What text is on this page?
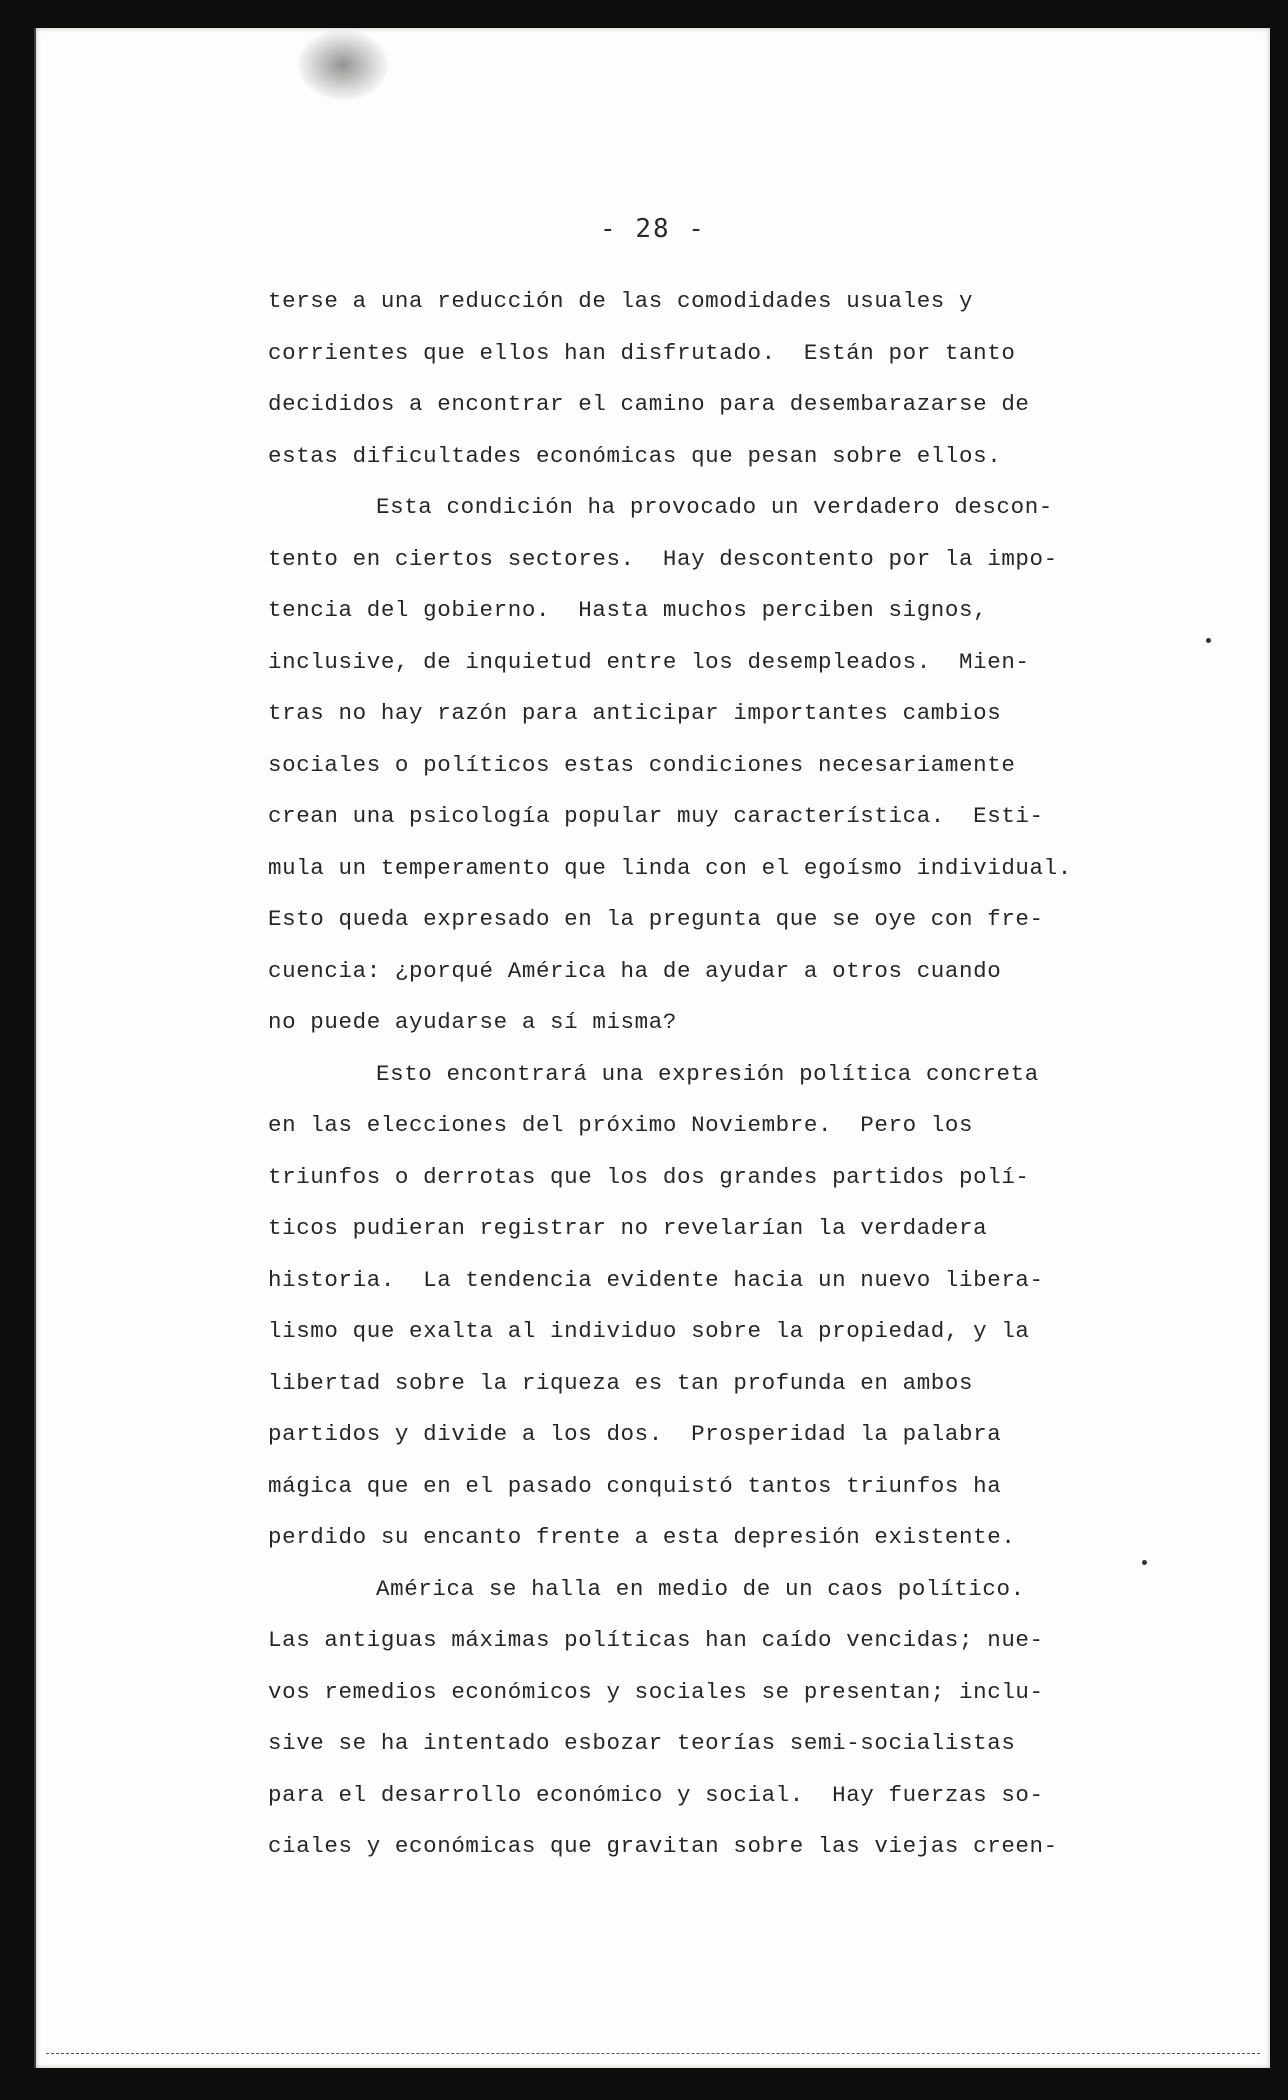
- 28 -
terse a una reducción de las comodidades usuales y
corrientes que ellos han disfrutado.  Están por tanto
decididos a encontrar el camino para desembarazarse de
estas dificultades económicas que pesan sobre ellos.
Esta condición ha provocado un verdadero descon-
tento en ciertos sectores.  Hay descontento por la impo-
tencia del gobierno.  Hasta muchos perciben signos,
inclusive, de inquietud entre los desempleados.  Mien-
tras no hay razón para anticipar importantes cambios
sociales o políticos estas condiciones necesariamente
crean una psicología popular muy característica.  Esti-
mula un temperamento que linda con el egoísmo individual.
Esto queda expresado en la pregunta que se oye con fre-
cuencia: ¿porqué América ha de ayudar a otros cuando
no puede ayudarse a sí misma?
Esto encontrará una expresión política concreta
en las elecciones del próximo Noviembre.  Pero los
triunfos o derrotas que los dos grandes partidos polí-
ticos pudieran registrar no revelarían la verdadera
historia.  La tendencia evidente hacia un nuevo libera-
lismo que exalta al individuo sobre la propiedad, y la
libertad sobre la riqueza es tan profunda en ambos
partidos y divide a los dos.  Prosperidad la palabra
mágica que en el pasado conquistó tantos triunfos ha
perdido su encanto frente a esta depresión existente.
América se halla en medio de un caos político.
Las antiguas máximas políticas han caído vencidas; nue-
vos remedios económicos y sociales se presentan; inclu-
sive se ha intentado esbozar teorías semi-socialistas
para el desarrollo económico y social.  Hay fuerzas so-
ciales y económicas que gravitan sobre las viejas creen-
